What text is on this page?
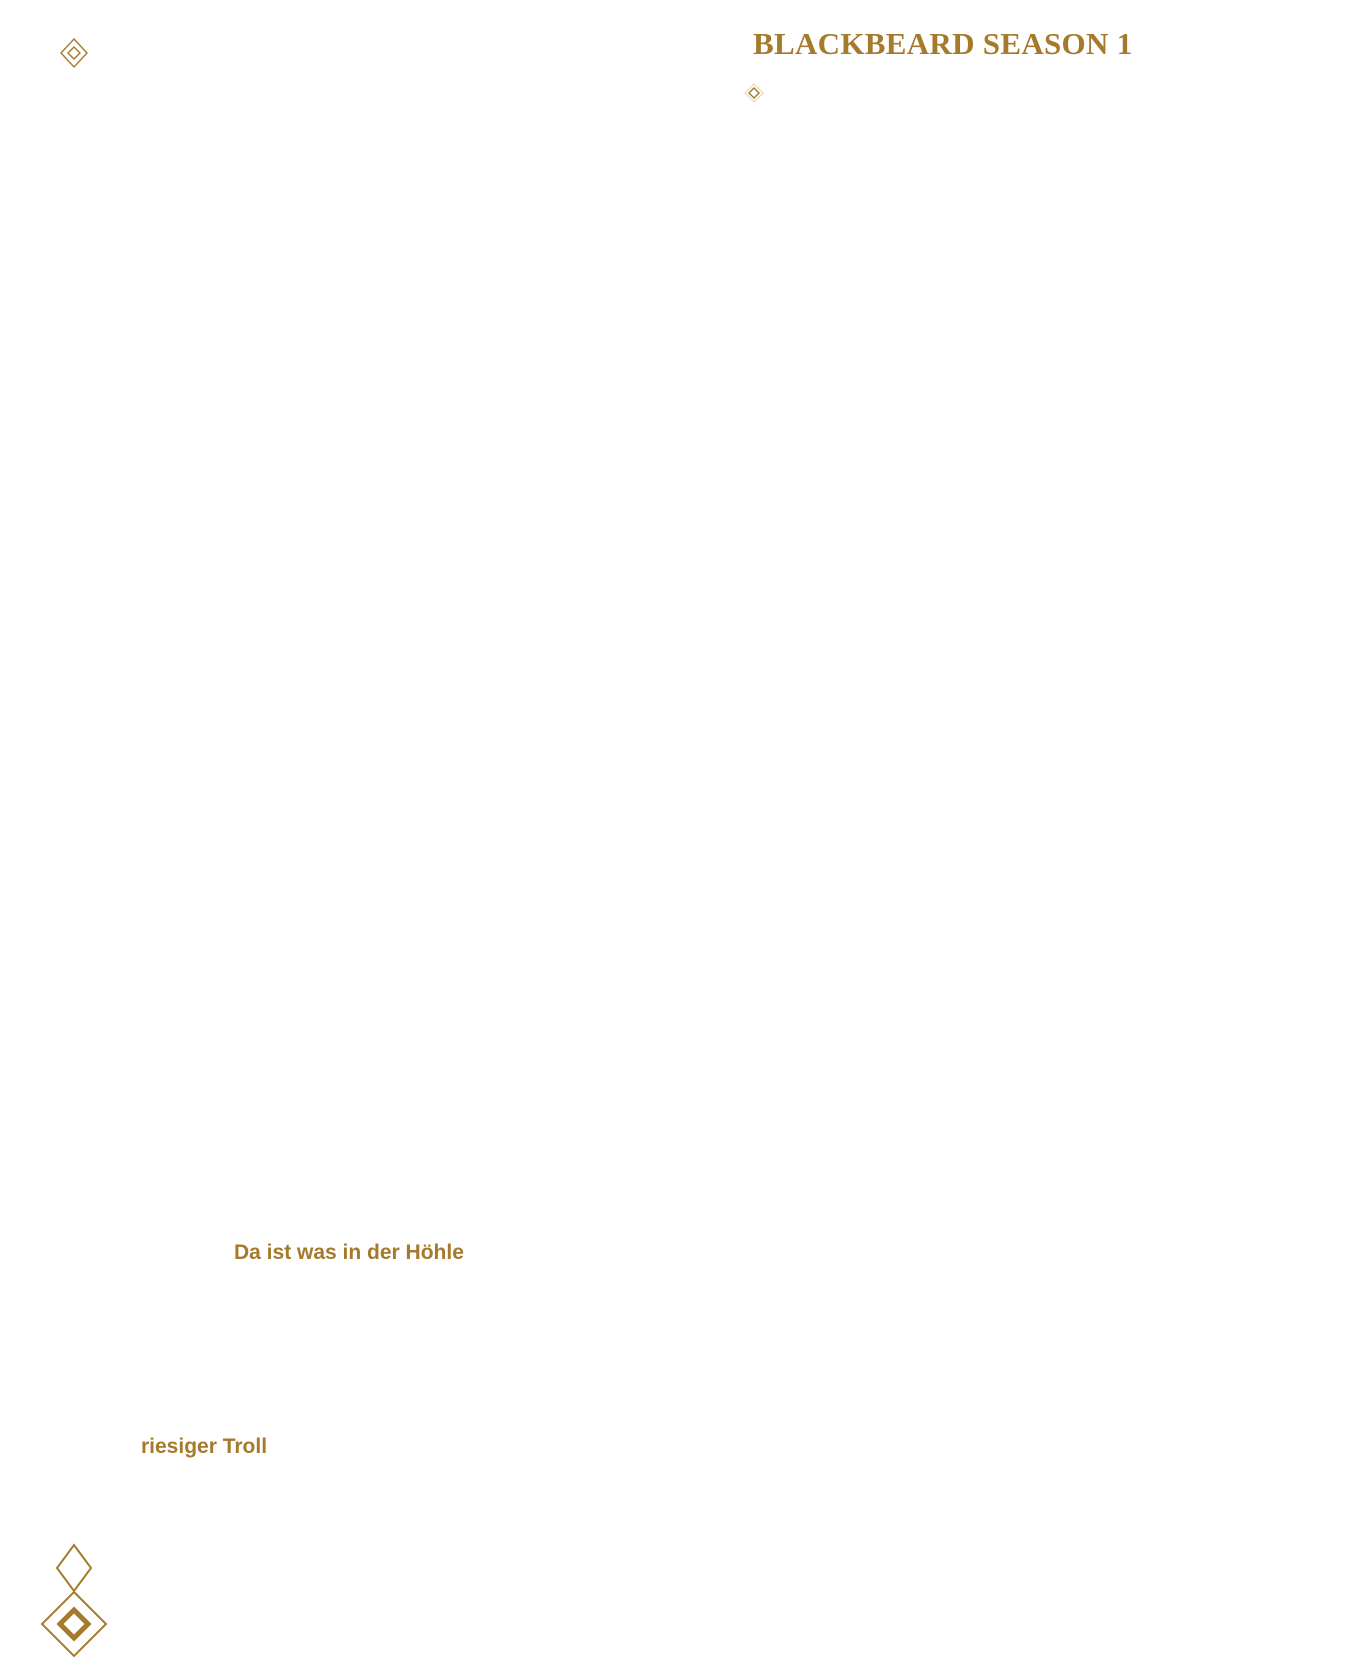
BLACKBEARD SEASON 1
Da ist was in der Höhle
riesiger Troll
